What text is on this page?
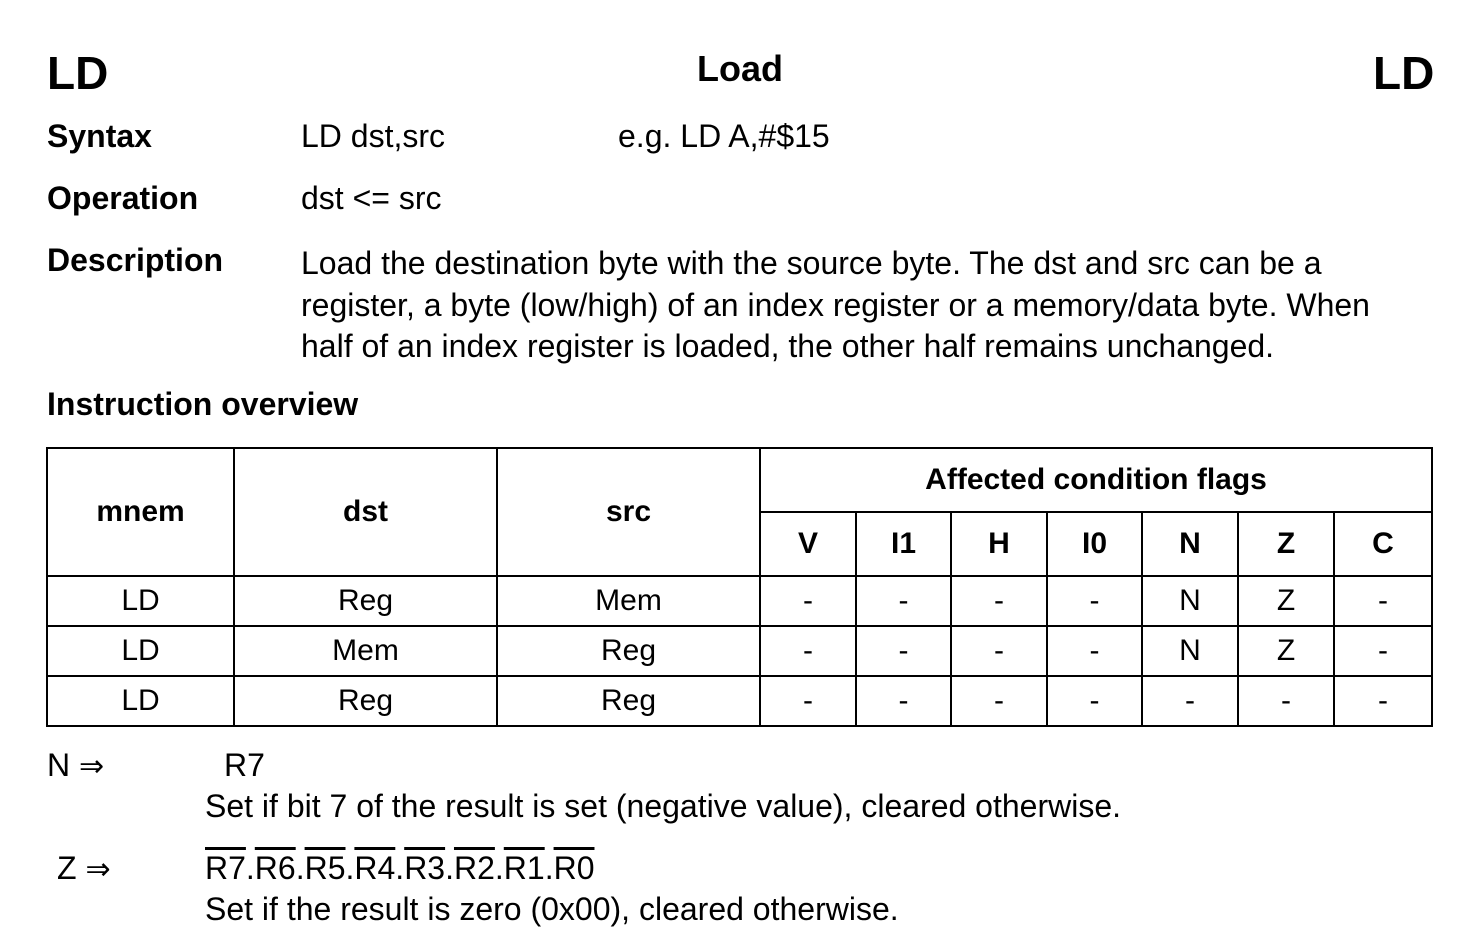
LD	Load	LD
Syntax	LD dst,src	e.g. LD A,#$15
Operation	dst <= src
Description Load the destination byte with the source byte. The dst and src can be a
register, a byte (low/high) of an index register or a memory/data byte. When
half of an index register is loaded, the other half remains unchanged.
Instruction overview
mnem	dst	src	Affected condition flags						
			V	I1	H	I0	N	Z	C
LD	Reg	Mem	-	-	-	-	N	Z	-
LD	Mem	Reg	-	-	-	-	N	Z	-
LD	Reg	Reg	-	-	-	-	-	-	-
N ⇒	R7
Set if bit 7 of the result is set (negative value), cleared otherwise.
Z ⇒	R7.R6.R5.R4.R3.R2.R1.R0
Set if the result is zero (0x00), cleared otherwise.
